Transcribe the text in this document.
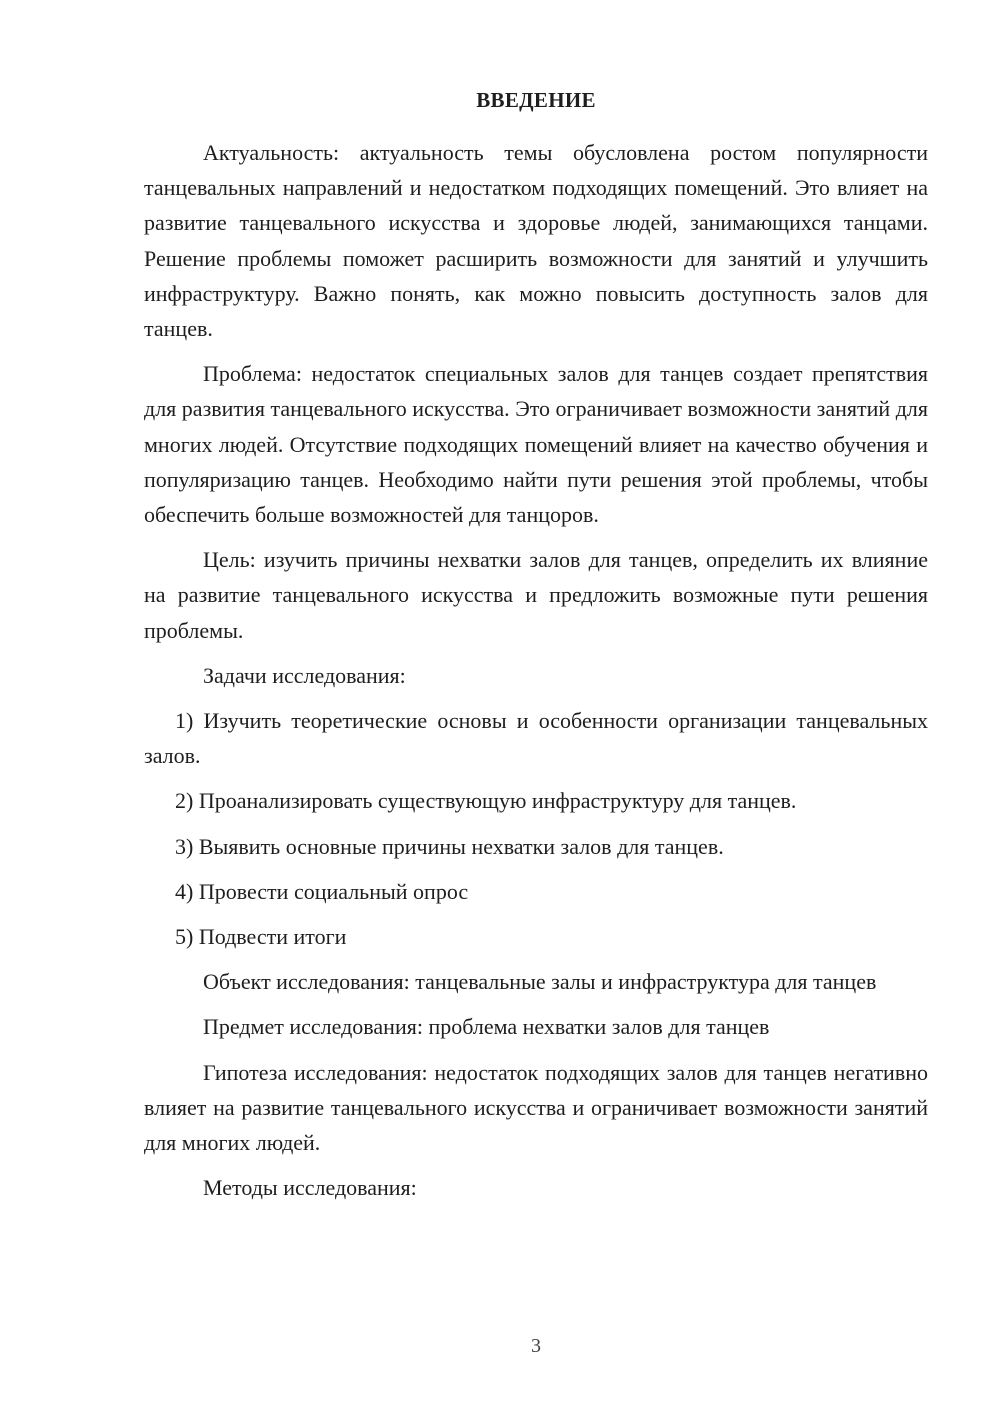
ВВЕДЕНИЕ

Актуальность: актуальность темы обусловлена ростом популярности танцевальных направлений и недостатком подходящих помещений. Это влияет на развитие танцевального искусства и здоровье людей, занимающихся танцами. Решение проблемы поможет расширить возможности для занятий и улучшить инфраструктуру. Важно понять, как можно повысить доступность залов для танцев.

Проблема: недостаток специальных залов для танцев создает препятствия для развития танцевального искусства. Это ограничивает возможности занятий для многих людей. Отсутствие подходящих помещений влияет на качество обучения и популяризацию танцев. Необходимо найти пути решения этой проблемы, чтобы обеспечить больше возможностей для танцоров.

Цель: изучить причины нехватки залов для танцев, определить их влияние на развитие танцевального искусства и предложить возможные пути решения проблемы.

Задачи исследования:

1) Изучить теоретические основы и особенности организации танцевальных залов.

2) Проанализировать существующую инфраструктуру для танцев.

3) Выявить основные причины нехватки залов для танцев.

4) Провести социальный опрос

5) Подвести итоги

Объект исследования: танцевальные залы и инфраструктура для танцев

Предмет исследования: проблема нехватки залов для танцев

Гипотеза исследования: недостаток подходящих залов для танцев негативно влияет на развитие танцевального искусства и ограничивает возможности занятий для многих людей.

Методы исследования:

3
